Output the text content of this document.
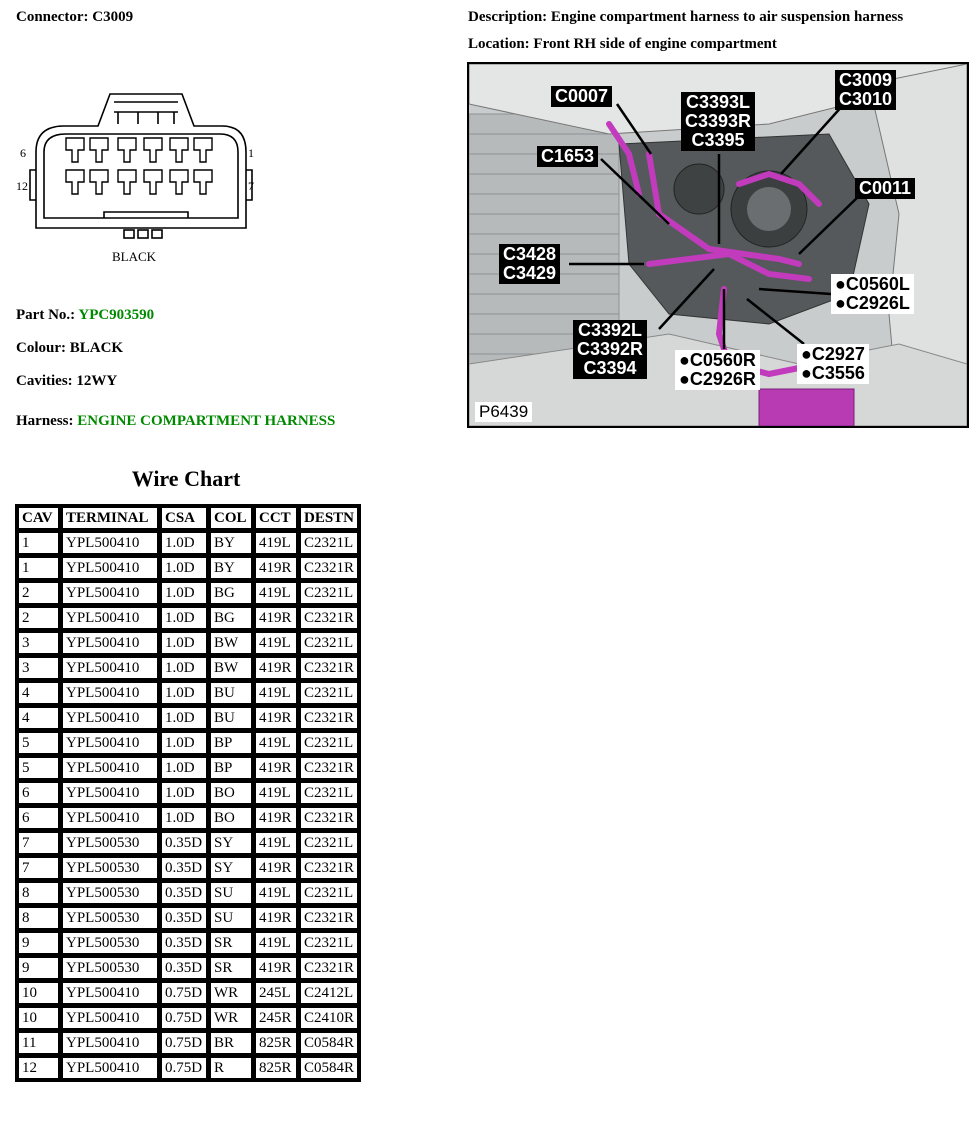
Connector: C3009	Description: Engine compartment harness to air suspension harness
Location: Front RH side of engine compartment
6	1
12	7
BLACK
Part No.: YPC903590
Colour: BLACK
Cavities: 12WY
Harness: ENGINE COMPARTMENT HARNESS
Wire Chart
CAV	TERMINAL	CSA	COL	CCT	DESTN
1	YPL500410	1.0D	BY	419L	C2321L
1	YPL500410	1.0D	BY	419R	C2321R
2	YPL500410	1.0D	BG	419L	C2321L
2	YPL500410	1.0D	BG	419R	C2321R
3	YPL500410	1.0D	BW	419L	C2321L
3	YPL500410	1.0D	BW	419R	C2321R
4	YPL500410	1.0D	BU	419L	C2321L
4	YPL500410	1.0D	BU	419R	C2321R
5	YPL500410	1.0D	BP	419L	C2321L
5	YPL500410	1.0D	BP	419R	C2321R
6	YPL500410	1.0D	BO	419L	C2321L
6	YPL500410	1.0D	BO	419R	C2321R
7	YPL500530	0.35D	SY	419L	C2321L
7	YPL500530	0.35D	SY	419R	C2321R
8	YPL500530	0.35D	SU	419L	C2321L
8	YPL500530	0.35D	SU	419R	C2321R
9	YPL500530	0.35D	SR	419L	C2321L
9	YPL500530	0.35D	SR	419R	C2321R
10	YPL500410	0.75D	WR	245L	C2412L
10	YPL500410	0.75D	WR	245R	C2410R
11	YPL500410	0.75D	BR	825R	C0584R
12	YPL500410	0.75D	R	825R	C0584R
C0007
C1653
C3393L
C3393R
C3395
C3009
C3010
C0011
C3428
C3429
●C0560L
●C2926L
C3392L
C3392R
C3394	●C0560R
●C2926R
●C2927
●C3556
P6439
